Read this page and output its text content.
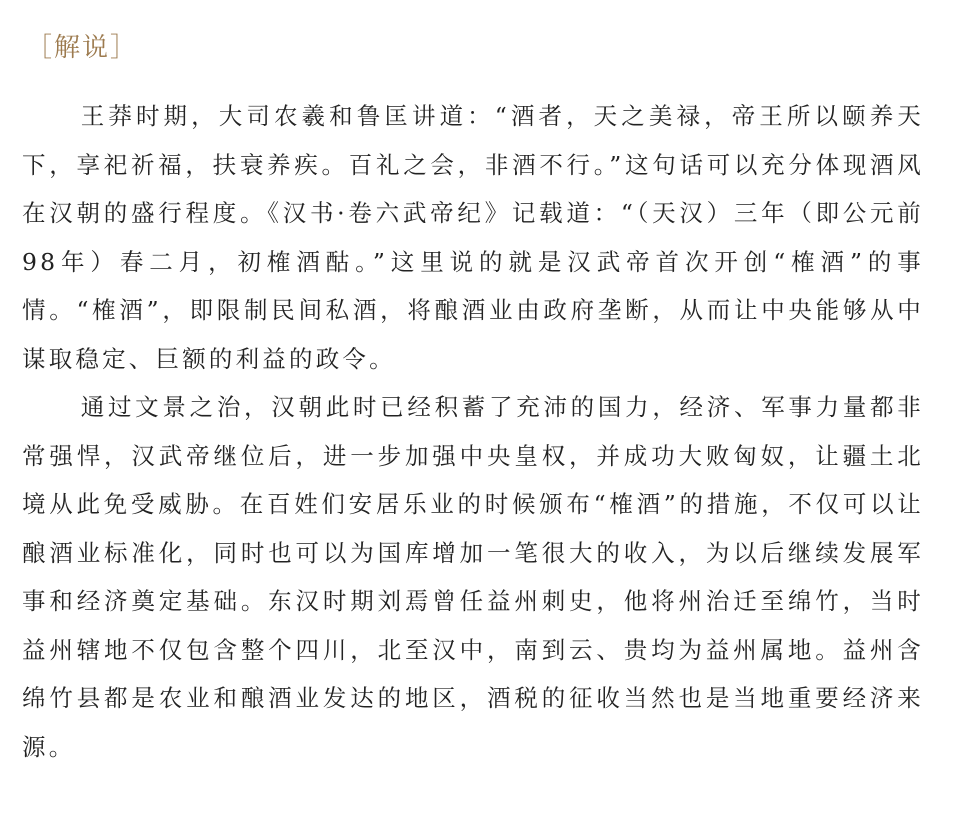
［解说］

王莽时期，大司农羲和鲁匡讲道：“酒者，天之美禄，帝王所以颐养天下，享祀祈福，扶衰养疾。百礼之会，非酒不行。”这句话可以充分体现酒风在汉朝的盛行程度。《汉书·卷六武帝纪》记载道：“（天汉）三年（即公元前98年）春二月，初榷酒酤。”这里说的就是汉武帝首次开创“榷酒”的事情。“榷酒”，即限制民间私酒，将酿酒业由政府垄断，从而让中央能够从中谋取稳定、巨额的利益的政令。

通过文景之治，汉朝此时已经积蓄了充沛的国力，经济、军事力量都非常强悍，汉武帝继位后，进一步加强中央皇权，并成功大败匈奴，让疆土北境从此免受威胁。在百姓们安居乐业的时候颁布“榷酒”的措施，不仅可以让酿酒业标准化，同时也可以为国库增加一笔很大的收入，为以后继续发展军事和经济奠定基础。东汉时期刘焉曾任益州刺史，他将州治迁至绵竹，当时益州辖地不仅包含整个四川，北至汉中，南到云、贵均为益州属地。益州含绵竹县都是农业和酿酒业发达的地区，酒税的征收当然也是当地重要经济来源。
